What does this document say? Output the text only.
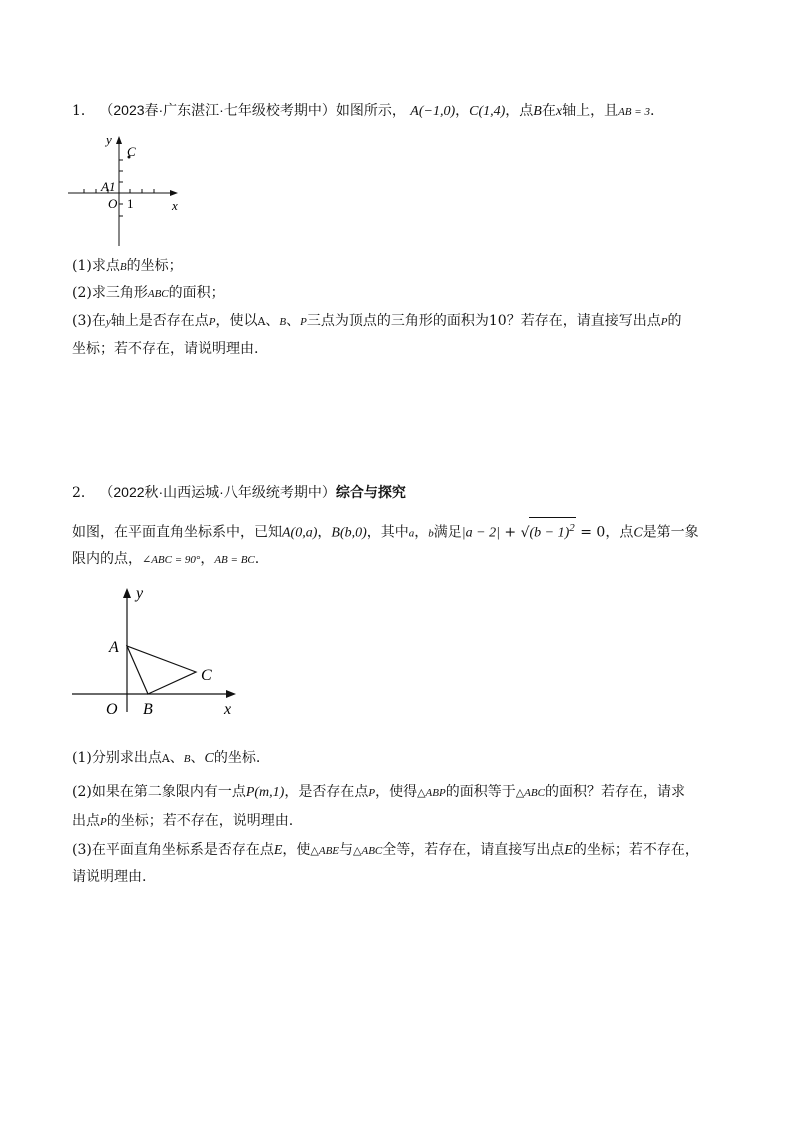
1． （2023春·广东湛江·七年级校考期中）如图所示， A(−1,0)，C(1,4)，点B在x轴上，且AB = 3.
y
C
A1
O 1	x
(1)求点B的坐标；
(2)求三角形ABC的面积；
(3)在y轴上是否存在点P，使以A、B、P三点为顶点的三角形的面积为10？若存在，请直接写出点P的
坐标；若不存在，请说明理由.
2． （2022秋·山西运城·八年级统考期中）综合与探究
如图，在平面直角坐标系中，已知A(0,a)，B(b,0)，其中a，b满足$|a - 2| + √(b - 1)^2 = 0$，点C是第一象
限内的点，∠ABC = 90°，AB = BC.
y
A
C
O B	x
(1)分别求出点A、B、C的坐标.
(2)如果在第二象限内有一点P(m,1)，是否存在点P，使得△ABP的面积等于△ABC的面积？若存在，请求
出点P的坐标；若不存在，说明理由.
(3)在平面直角坐标系是否存在点E，使△ABE与△ABC全等，若存在，请直接写出点E的坐标；若不存在，
请说明理由.
